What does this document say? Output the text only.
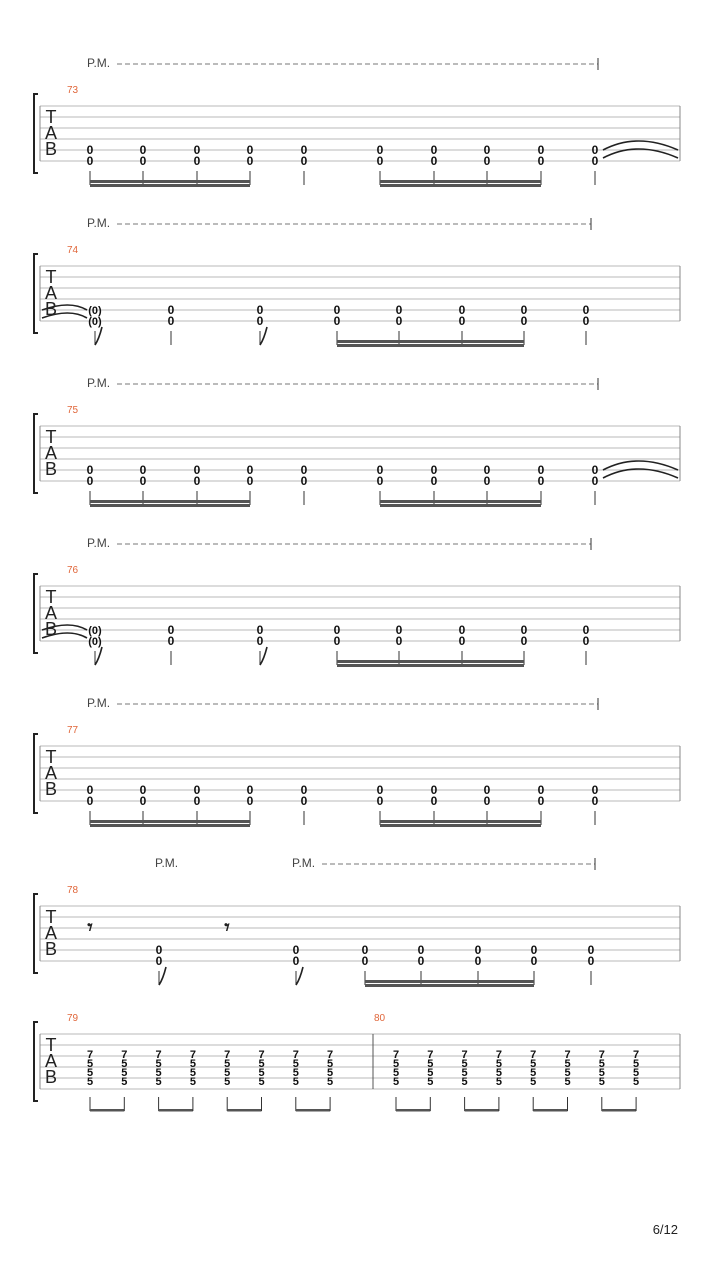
T
A
B
73
P.M.
0
0
0
0
0
0
0
0
0
0
0
0
0
0
0
0
0
0
0
0
T
A
B
74
P.M.
(0)
(0)
0
0
0
0
0
0
0
0
0
0
0
0
0
0
T
A
B
75
P.M.
0
0
0
0
0
0
0
0
0
0
0
0
0
0
0
0
0
0
0
0
T
A
B
76
P.M.
(0)
(0)
0
0
0
0
0
0
0
0
0
0
0
0
0
0
T
A
B
77
P.M.
0
0
0
0
0
0
0
0
0
0
0
0
0
0
0
0
0
0
0
0
T
A
B
78
P.M.	P.M.
𝄾
0
0
𝄾
0
0
0
0
0
0
0
0
0
0
0
0
T
A
B
79	80
7
5
5
5
7
5
5
5
7
5
5
5
7
5
5
5
7
5
5
5
7
5
5
5
7
5
5
5
7
5
5
5
7
5
5
5
7
5
5
5
7
5
5
5
7
5
5
5
7
5
5
5
7
5
5
5
7
5
5
5
7
5
5
5
6/12
